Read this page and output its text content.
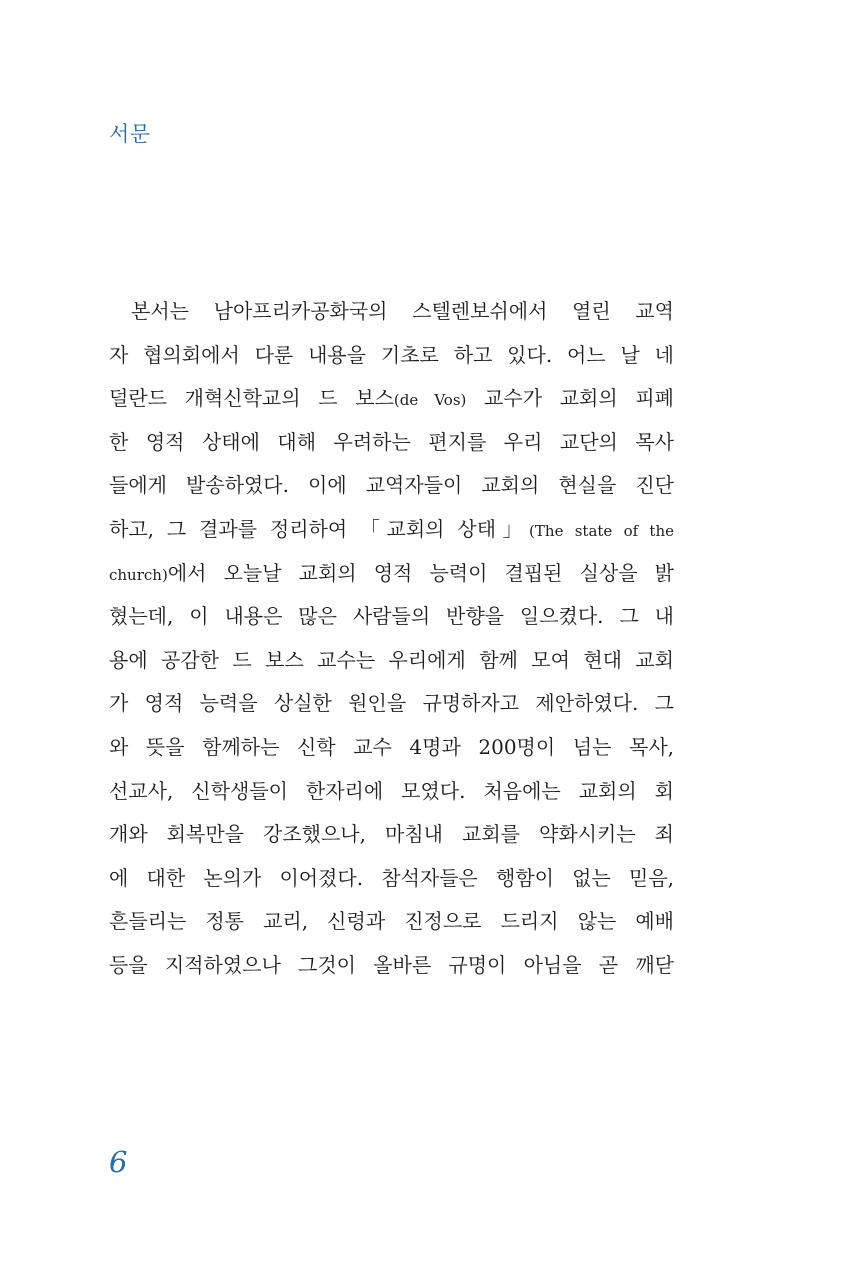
서문
본서는 남아프리카공화국의 스텔렌보쉬에서 열린 교역
자 협의회에서 다룬 내용을 기초로 하고 있다. 어느 날 네
덜란드 개혁신학교의 드 보스(de Vos) 교수가 교회의 피폐
한 영적 상태에 대해 우려하는 편지를 우리 교단의 목사
들에게 발송하였다. 이에 교역자들이 교회의 현실을 진단
하고, 그 결과를 정리하여 「교회의 상태」(The state of the
church)에서 오늘날 교회의 영적 능력이 결핍된 실상을 밝
혔는데, 이 내용은 많은 사람들의 반향을 일으켰다. 그 내
용에 공감한 드 보스 교수는 우리에게 함께 모여 현대 교회
가 영적 능력을 상실한 원인을 규명하자고 제안하였다. 그
와 뜻을 함께하는 신학 교수 4명과 200명이 넘는 목사,
선교사, 신학생들이 한자리에 모였다. 처음에는 교회의 회
개와 회복만을 강조했으나, 마침내 교회를 약화시키는 죄
에 대한 논의가 이어졌다. 참석자들은 행함이 없는 믿음,
흔들리는 정통 교리, 신령과 진정으로 드리지 않는 예배
등을 지적하였으나 그것이 올바른 규명이 아님을 곧 깨닫
6
